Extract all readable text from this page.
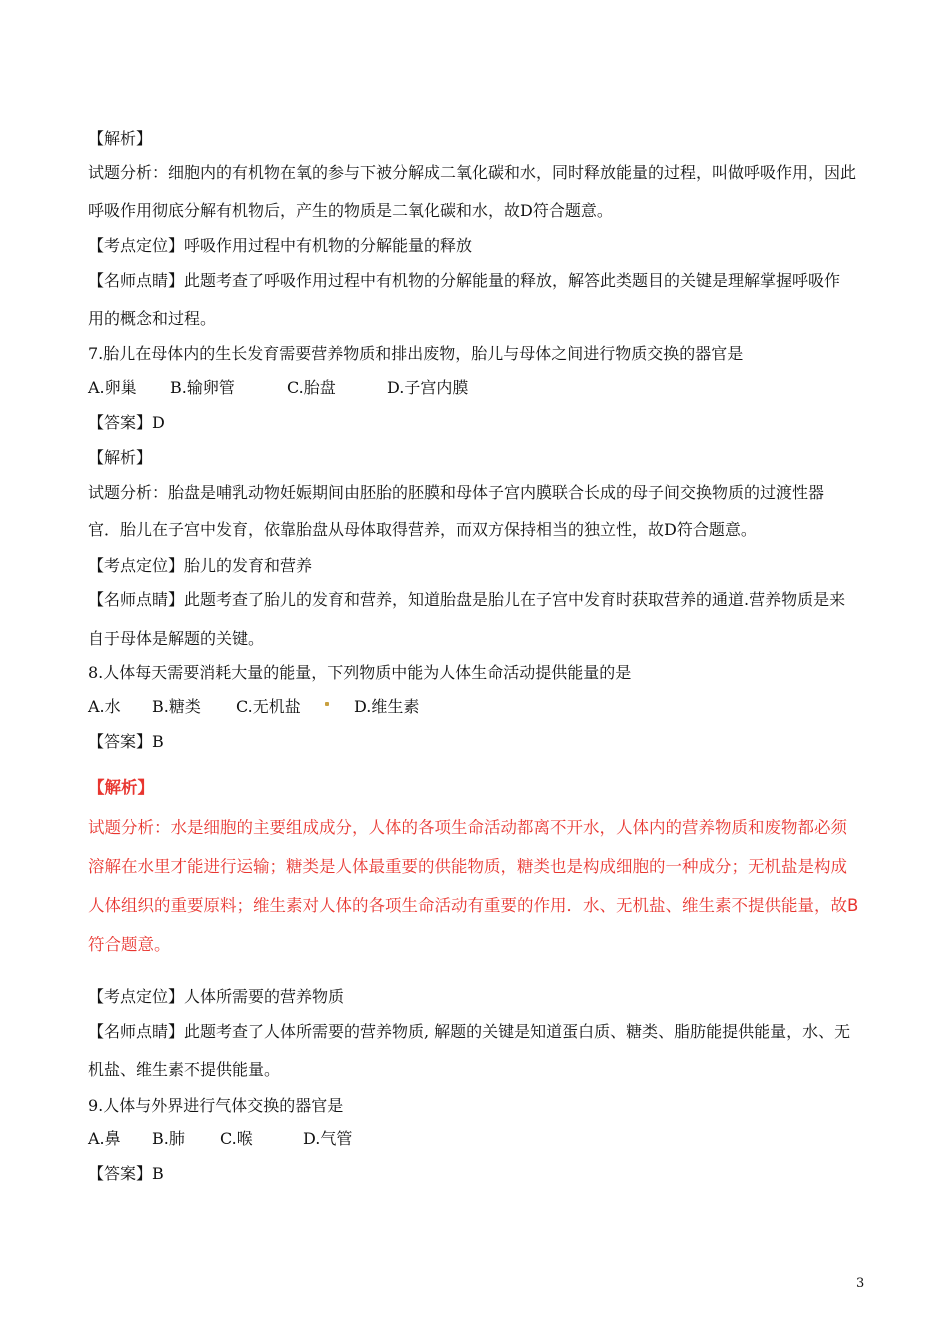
【解析】
试题分析：细胞内的有机物在氧的参与下被分解成二氧化碳和水，同时释放能量的过程，叫做呼吸作用，因此
呼吸作用彻底分解有机物后，产生的物质是二氧化碳和水，故D符合题意。
【考点定位】呼吸作用过程中有机物的分解能量的释放
【名师点睛】此题考查了呼吸作用过程中有机物的分解能量的释放，解答此类题目的关键是理解掌握呼吸作
用的概念和过程。
7.胎儿在母体内的生长发育需要营养物质和排出废物，胎儿与母体之间进行物质交换的器官是
A.卵巢 B.输卵管	C.胎盘	D.子宫内膜
【答案】D
【解析】
试题分析：胎盘是哺乳动物妊娠期间由胚胎的胚膜和母体子宫内膜联合长成的母子间交换物质的过渡性器
官．胎儿在子宫中发育，依靠胎盘从母体取得营养，而双方保持相当的独立性，故D符合题意。
【考点定位】胎儿的发育和营养
【名师点睛】此题考查了胎儿的发育和营养，知道胎盘是胎儿在子宫中发育时获取营养的通道.营养物质是来
自于母体是解题的关键。
8.人体每天需要消耗大量的能量，下列物质中能为人体生命活动提供能量的是
A.水 B.糖类 C.无机盐	D.维生素
【答案】B
【解析】
试题分析：水是细胞的主要组成成分，人体的各项生命活动都离不开水，人体内的营养物质和废物都必须
溶解在水里才能进行运输；糖类是人体最重要的供能物质，糖类也是构成细胞的一种成分；无机盐是构成
人体组织的重要原料；维生素对人体的各项生命活动有重要的作用．水、无机盐、维生素不提供能量，故B
符合题意。
【考点定位】人体所需要的营养物质
【名师点睛】此题考查了人体所需要的营养物质, 解题的关键是知道蛋白质、糖类、脂肪能提供能量，水、无
机盐、维生素不提供能量。
9.人体与外界进行气体交换的器官是
A.鼻 B.肺 C.喉	D.气管
【答案】B
3
